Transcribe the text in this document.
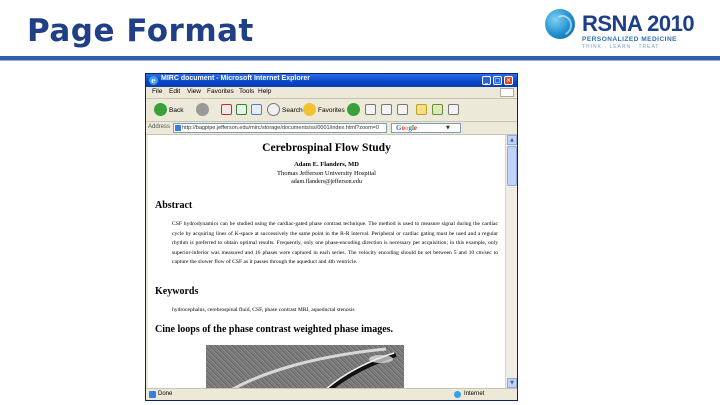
Page Format	RSNA 2010
PERSONALIZED MEDICINE
THINK · LEARN · TREAT
e MIRC document - Microsoft Internet Explorer	_	□ ×
File Edit View Favorites Tools Help
Back	Search Favorites
Address http://bagpipe.jefferson.edu/mirc/storage/documents/ss/0001/index.html?zoom=0	Google	▼
Cerebrospinal Flow Study
Adam E. Flanders, MD
Thomas Jefferson University Hospital
adam.flanders@jefferson.edu
Abstract
CSF hydrodynamics can be studied using the cardiac-gated phase contrast technique. The method is used to measure signal during the cardiac cycle by acquiring lines of K-space at successively the same point in the R-R interval. Peripheral or cardiac gating must be used and a regular rhythm is preferred to obtain optimal results. Frequently, only one phase-encoding direction is necessary per acquisition; in this example, only superior-inferior was measured and 16 phases were captured in each series. The velocity encoding should be set between 5 and 10 cm/sec to capture the slower flow of CSF as it passes through the aqueduct and 4th ventricle.
Keywords
hydrocephalus, cerebrospinal fluid, CSF, phase contrast MRI, aqueductal stenosis
Cine loops of the phase contrast weighted phase images.
▲
▼
Done	Internet
